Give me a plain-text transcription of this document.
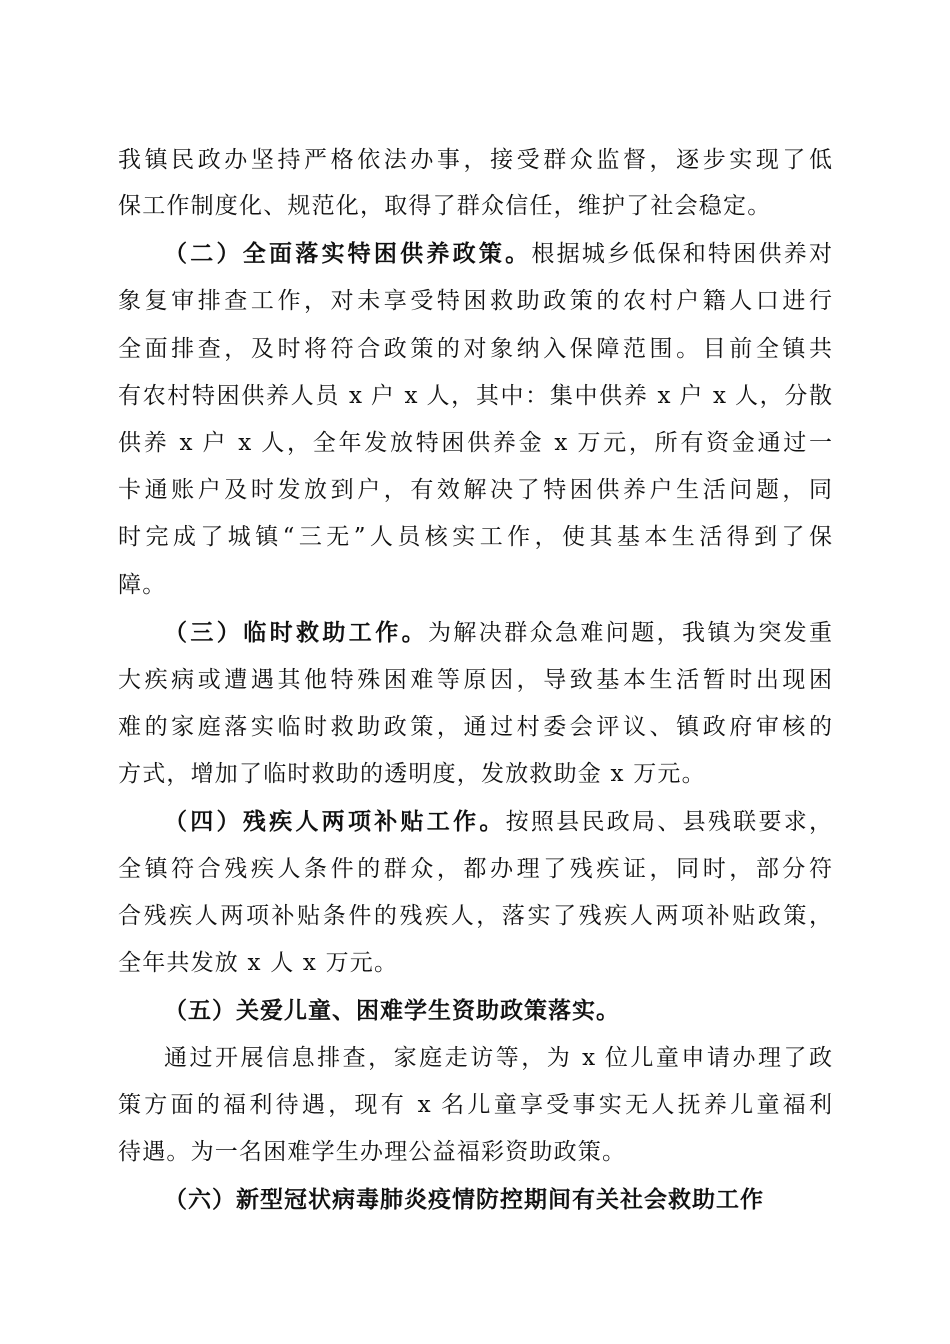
我镇民政办坚持严格依法办事，接受群众监督，逐步实现了低
保工作制度化、规范化，取得了群众信任，维护了社会稳定。
（二）全面落实特困供养政策。根据城乡低保和特困供养对
象复审排查工作，对未享受特困救助政策的农村户籍人口进行
全面排查，及时将符合政策的对象纳入保障范围。目前全镇共
有农村特困供养人员 x 户 x 人，其中：集中供养 x 户 x 人，分散
供养 x 户 x 人，全年发放特困供养金 x 万元，所有资金通过一
卡通账户及时发放到户，有效解决了特困供养户生活问题，同
时完成了城镇“三无”人员核实工作，使其基本生活得到了保
障。
（三）临时救助工作。为解决群众急难问题，我镇为突发重
大疾病或遭遇其他特殊困难等原因，导致基本生活暂时出现困
难的家庭落实临时救助政策，通过村委会评议、镇政府审核的
方式，增加了临时救助的透明度，发放救助金 x 万元。
（四）残疾人两项补贴工作。按照县民政局、县残联要求，
全镇符合残疾人条件的群众，都办理了残疾证，同时，部分符
合残疾人两项补贴条件的残疾人，落实了残疾人两项补贴政策，
全年共发放 x 人 x 万元。
（五）关爱儿童、困难学生资助政策落实。
通过开展信息排查，家庭走访等，为 x 位儿童申请办理了政
策方面的福利待遇，现有 x 名儿童享受事实无人抚养儿童福利
待遇。为一名困难学生办理公益福彩资助政策。
（六）新型冠状病毒肺炎疫情防控期间有关社会救助工作
